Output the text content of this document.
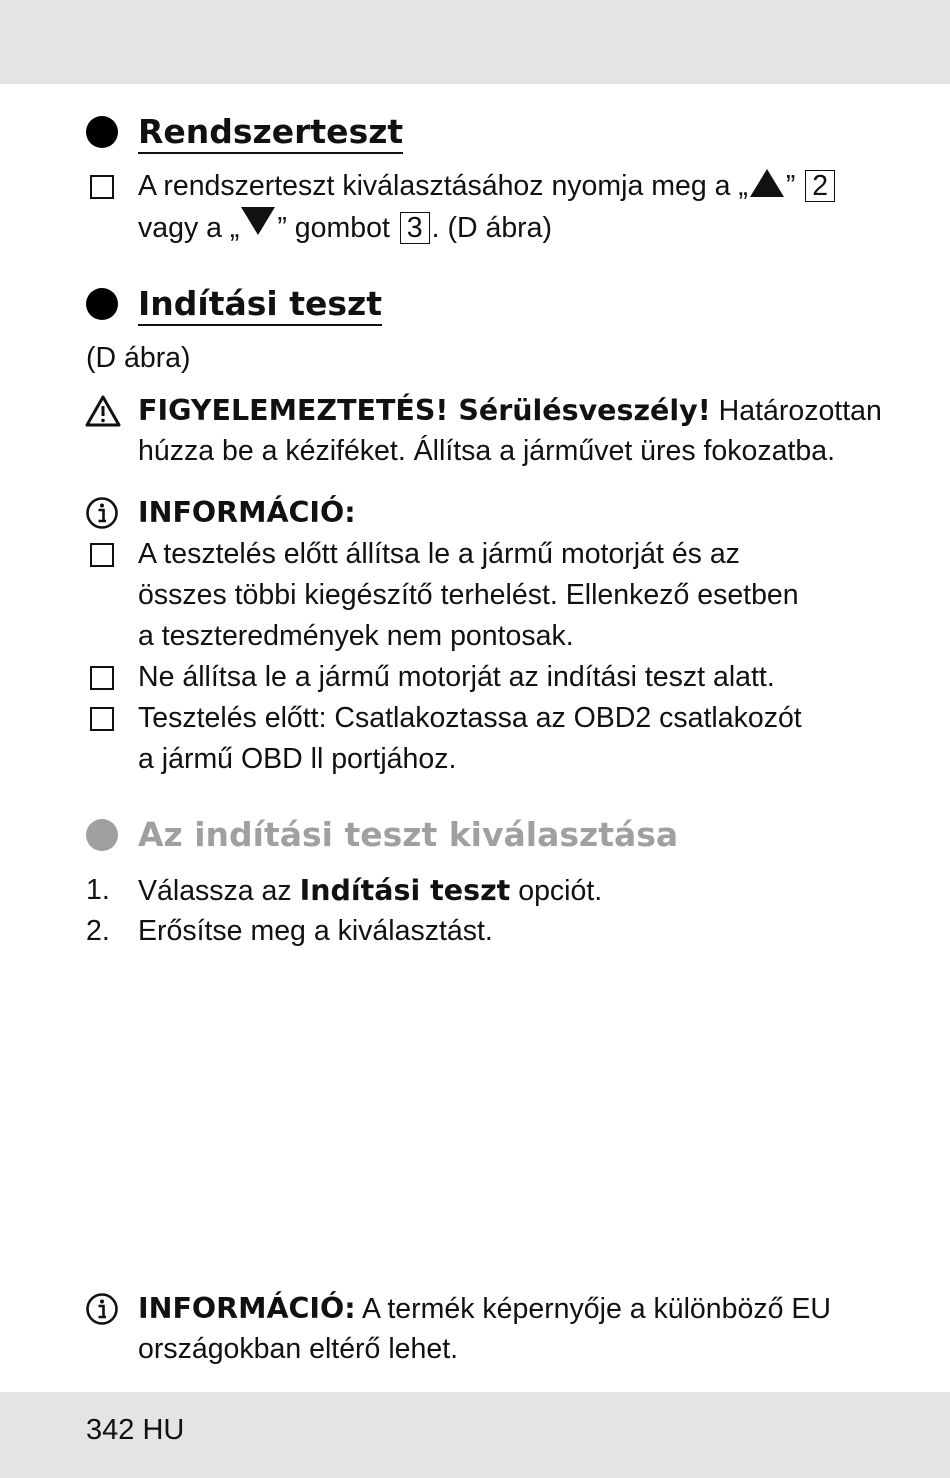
Rendszerteszt
A rendszerteszt kiválasztásához nyomja meg a „ ” 2
vagy a „ ” gombot 3 . (D ábra)
Indítási teszt
(D ábra)
FIGYELEMEZTETÉS! Sérülésveszély! Határozottan
húzza be a kéziféket. Állítsa a járművet üres fokozatba.
INFORMÁCIÓ:
A tesztelés előtt állítsa le a jármű motorját és az
összes többi kiegészítő terhelést. Ellenkező esetben
a teszteredmények nem pontosak.
Ne állítsa le a jármű motorját az indítási teszt alatt.
Tesztelés előtt: Csatlakoztassa az OBD2 csatlakozót
a jármű OBD ll portjához.
Az indítási teszt kiválasztása
1. Válassza az Indítási teszt opciót.
2. Erősítse meg a kiválasztást.
INFORMÁCIÓ: A termék képernyője a különböző EU
országokban eltérő lehet.
342 HU
